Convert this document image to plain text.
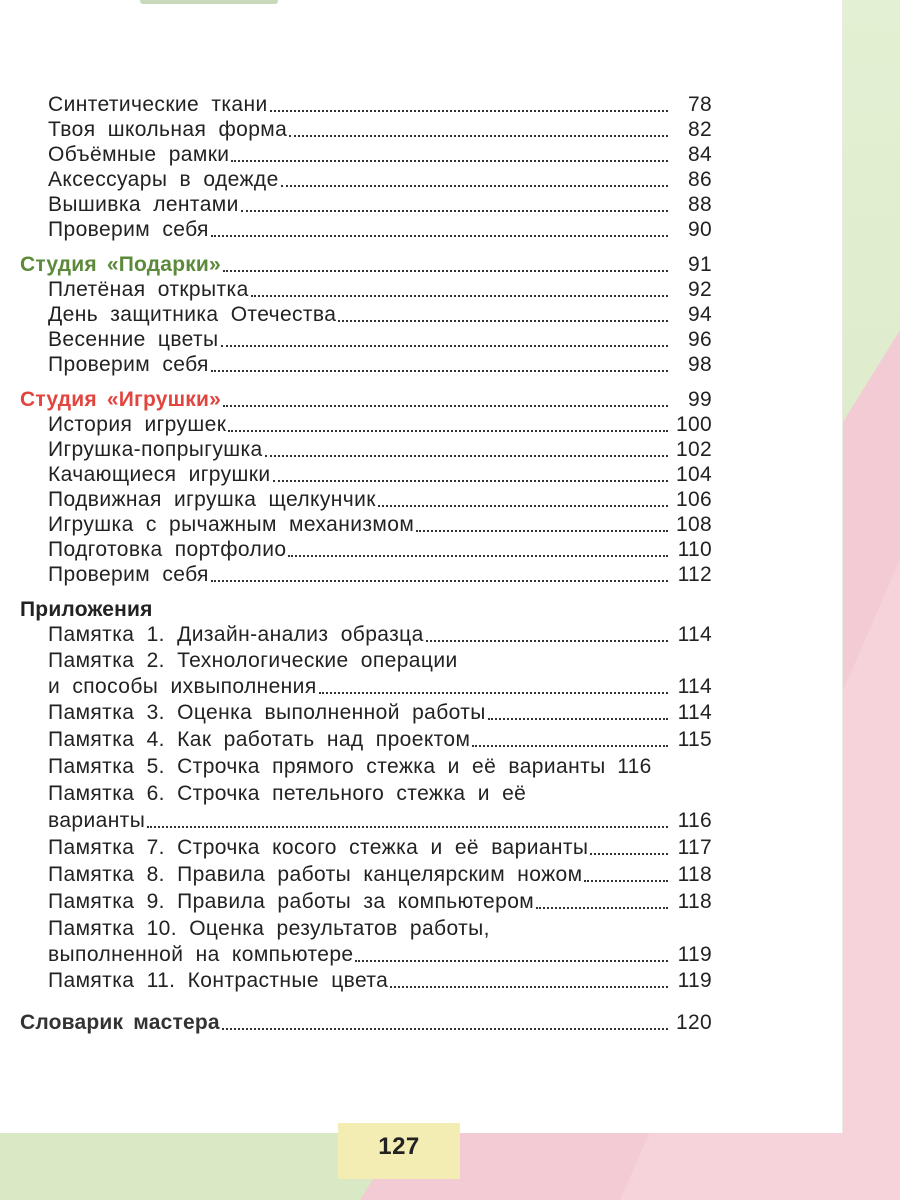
Синтетические ткани	78
Твоя школьная форма	82
Объёмные рамки	84
Аксессуары в одежде	86
Вышивка лентами	88
Проверим себя	90
Студия «Подарки»	91
Плетёная открытка	92
День защитника Отечества	94
Весенние цветы	96
Проверим себя	98
Студия «Игрушки»	99
История игрушек	100
Игрушка-попрыгушка	102
Качающиеся игрушки	104
Подвижная игрушка щелкунчик	106
Игрушка с рычажным механизмом	108
Подготовка портфолио	110
Проверим себя	112
Приложения
Памятка 1. Дизайн-анализ образца	114
Памятка 2. Технологические операции
и способы ихвыполнения	114
Памятка 3. Оценка выполненной работы	114
Памятка 4. Как работать над проектом	115
Памятка 5. Строчка прямого стежка и её варианты 116
Памятка 6. Строчка петельного стежка и её
варианты	116
Памятка 7. Строчка косого стежка и её варианты	117
Памятка 8. Правила работы канцелярским ножом	118
Памятка 9. Правила работы за компьютером	118
Памятка 10. Оценка результатов работы,
выполненной на компьютере	119
Памятка 11. Контрастные цвета	119
Словарик мастера	120
127
